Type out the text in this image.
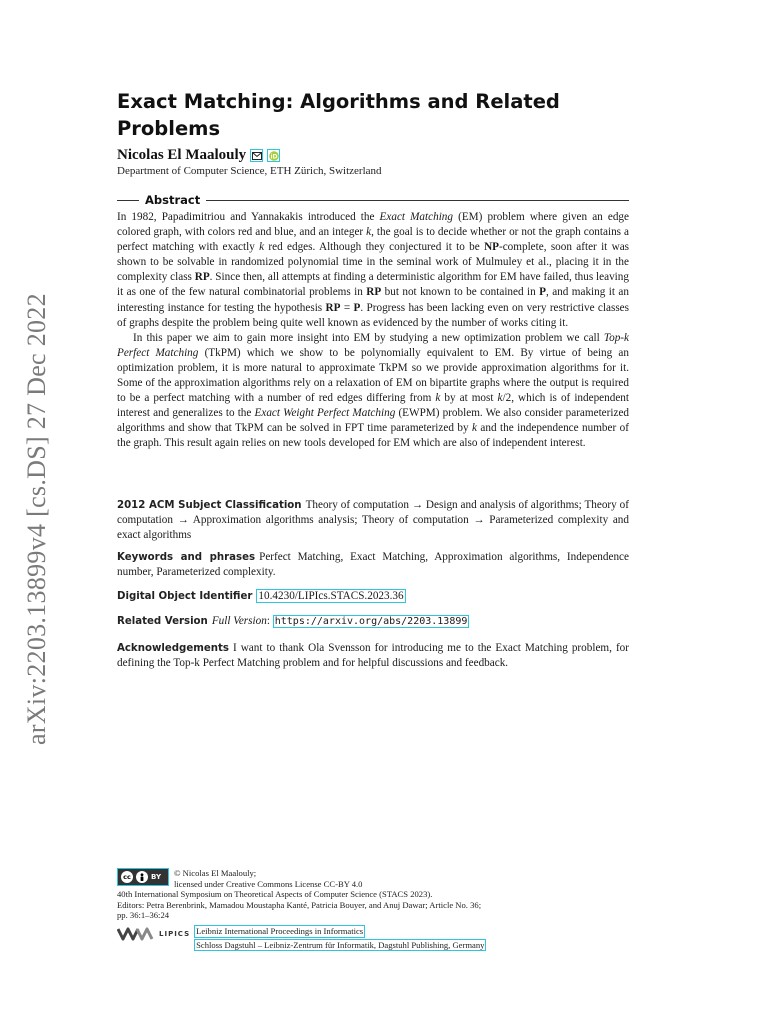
arXiv:2203.13899v4 [cs.DS] 27 Dec 2022
Exact Matching: Algorithms and Related
Problems
Nicolas El Maalouly	iD
Department of Computer Science, ETH Zürich, Switzerland
Abstract

In 1982, Papadimitriou and Yannakakis introduced the Exact Matching (EM) problem where given an edge colored graph, with colors red and blue, and an integer k, the goal is to decide whether or not the graph contains a perfect matching with exactly k red edges. Although they conjectured it to be NP-complete, soon after it was shown to be solvable in randomized polynomial time in the seminal work of Mulmuley et al., placing it in the complexity class RP. Since then, all attempts at finding a deterministic algorithm for EM have failed, thus leaving it as one of the few natural combinatorial problems in RP but not known to be contained in P, and making it an interesting instance for testing the hypothesis RP = P. Progress has been lacking even on very restrictive classes of graphs despite the problem being quite well known as evidenced by the number of works citing it.

In this paper we aim to gain more insight into EM by studying a new optimization problem we call Top-k Perfect Matching (TkPM) which we show to be polynomially equivalent to EM. By virtue of being an optimization problem, it is more natural to approximate TkPM so we provide approximation algorithms for it. Some of the approximation algorithms rely on a relaxation of EM on bipartite graphs where the output is required to be a perfect matching with a number of red edges differing from k by at most k/2, which is of independent interest and generalizes to the Exact Weight Perfect Matching (EWPM) problem. We also consider parameterized algorithms and show that TkPM can be solved in FPT time parameterized by k and the independence number of the graph. This result again relies on new tools developed for EM which are also of independent interest.

2012 ACM Subject Classification Theory of computation → Design and analysis of algorithms; Theory of computation → Approximation algorithms analysis; Theory of computation → Parameterized complexity and exact algorithms
Keywords and phrases Perfect Matching, Exact Matching, Approximation algorithms, Independence number, Parameterized complexity.
Digital Object Identifier 10.4230/LIPIcs.STACS.2023.36
Related Version Full Version: https://arxiv.org/abs/2203.13899
Acknowledgements I want to thank Ola Svensson for introducing me to the Exact Matching problem, for defining the Top-k Perfect Matching problem and for helpful discussions and feedback.
cc	BY © Nicolas El Maalouly;
licensed under Creative Commons License CC-BY 4.0
40th International Symposium on Theoretical Aspects of Computer Science (STACS 2023).
Editors: Petra Berenbrink, Mamadou Moustapha Kanté, Patricia Bouyer, and Anuj Dawar; Article No. 36;
pp. 36:1–36:24
LIPICS Leibniz International Proceedings in Informatics
Schloss Dagstuhl – Leibniz-Zentrum für Informatik, Dagstuhl Publishing, Germany
